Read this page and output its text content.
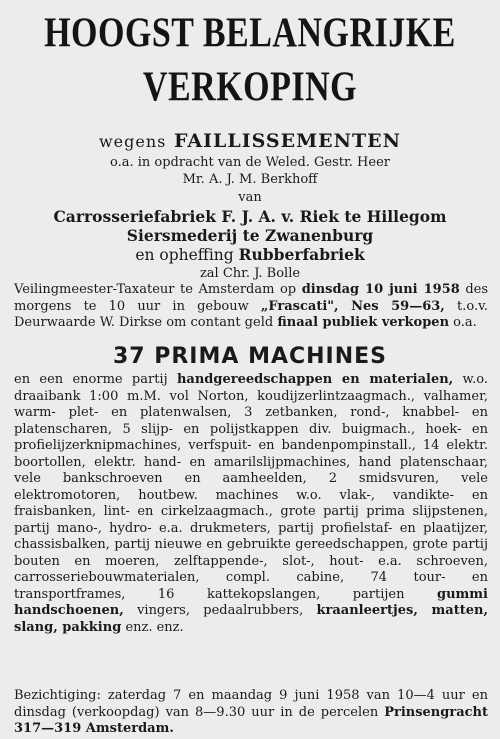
HOOGST BELANGRIJKE
VERKOPING
wegens FAILLISSEMENTEN
o.a. in opdracht van de Weled. Gestr. Heer
Mr. A. J. M. Berkhoff
van
Carrosseriefabriek F. J. A. v. Riek te Hillegom
Siersmederij te Zwanenburg
en opheffing Rubberfabriek
zal Chr. J. Bolle
Veilingmeester-Taxateur te Amsterdam op dinsdag 10 juni 1958 des morgens te 10 uur in gebouw „Frascati", Nes 59—63, t.o.v. Deurwaarde W. Dirkse om contant geld finaal publiek verkopen o.a.
37 PRIMA MACHINES
en een enorme partij handgereedschappen en materialen, w.o. draaibank 1:00 m.M. vol Norton, koudijzerlintzaagmach., valhamer, warm- plet- en platenwalsen, 3 zetbanken, rond-, knabbel- en platenscharen, 5 slijp- en polijstkappen div. buigmach., hoek- en profielijzerknipmachines, verfspuit- en bandenpompinstall., 14 elektr. boortollen, elektr. hand- en amarilslijpmachines, hand platenschaar, vele bankschroeven en aamheelden, 2 smidsvuren, vele elektromotoren, houtbew. machines w.o. vlak-, vandikte- en fraisbanken, lint- en cirkelzaagmach., grote partij prima slijpstenen, partij mano-, hydro- e.a. drukmeters, partij profielstaf- en plaatijzer, chassisbalken, partij nieuwe en gebruikte gereedschappen, grote partij bouten en moeren, zelftappende-, slot-, hout- e.a. schroeven, carrosseriebouwmaterialen, compl. cabine, 74 tour- en transportframes, 16 kattekopslangen, partijen	gummi handschoenen, vingers, pedaalrubbers, kraanleertjes, matten, slang, pakking enz. enz.
Bezichtiging: zaterdag 7 en maandag 9 juni 1958 van 10—4 uur en dinsdag (verkoopdag) van 8—9.30 uur in de percelen Prinsengracht 317—319 Amsterdam.
